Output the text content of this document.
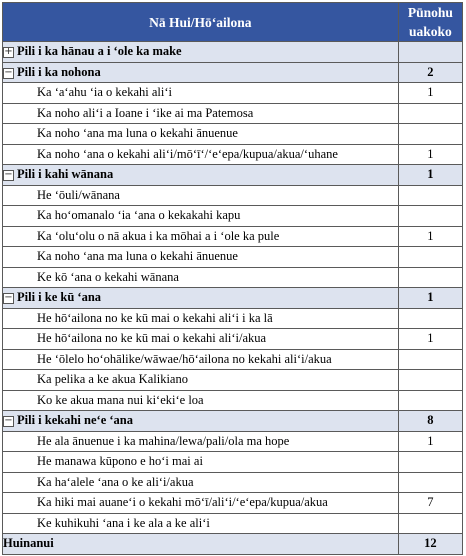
Nā Hui/Hōʻailona	Pūnohu
uakoko
+ Pili i ka hānau a i ʻole ka make	
− Pili i ka nohona	2
Ka ʻaʻahu ʻia o kekahi aliʻi	1
Ka noho aliʻi a Ioane i ʻike ai ma Patemosa	
Ka noho ʻana ma luna o kekahi ānuenue	
Ka noho ʻana o kekahi aliʻi/mōʻīʻ/ʻeʻepa/kupua/akua/ʻuhane	1
− Pili i kahi wānana	1
He ʻōuli/wānana	
Ka hoʻomanalo ʻia ʻana o kekakahi kapu	
Ka ʻoluʻolu o nā akua i ka mōhai a i ʻole ka pule	1
Ka noho ʻana ma luna o kekahi ānuenue	
Ke kō ʻana o kekahi wānana	
− Pili i ke kū ʻana	1
He hōʻailona no ke kū mai o kekahi aliʻi i ka lā	
He hōʻailona no ke kū mai o kekahi aliʻi/akua	1
He ʻōlelo hoʻohālike/wāwae/hōʻailona no kekahi aliʻi/akua	
Ka pelika a ke akua Kalikiano	
Ko ke akua mana nui kiʻekiʻe loa	
− Pili i kekahi neʻe ʻana	8
He ala ānuenue i ka mahina/lewa/pali/ola ma hope	1
He manawa kūpono e hoʻi mai ai	
Ka haʻalele ʻana o ke aliʻi/akua	
Ka hiki mai auaneʻi o kekahi mōʻī/aliʻi/ʻeʻepa/kupua/akua	7
Ke kuhikuhi ʻana i ke ala a ke aliʻi	
Huinanui	12
